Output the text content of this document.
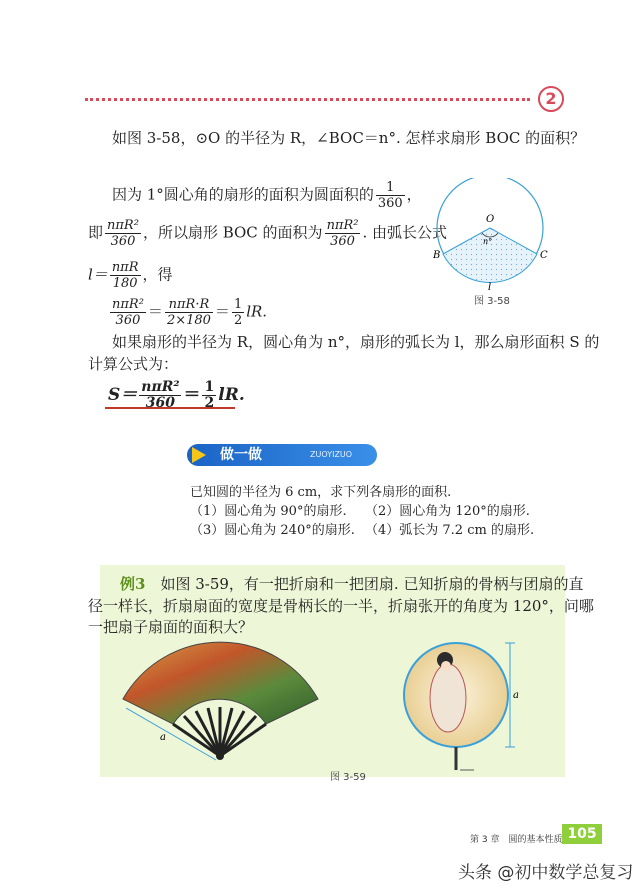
2
如图 3-58，⊙O 的半径为 R，∠BOC＝n°. 怎样求扇形 BOC 的面积？
因为 1°圆心角的扇形的面积为圆面积的 $\frac{1}{360}$ ，
即 $\frac{\text{nπR²}}{360}$ ，所以扇形 BOC 的面积为 $\frac{\text{nπR²}}{360}$ . 由弧长公式
$l= \frac{\text{nπR}}{180}$ ，得
$\frac{\text{nπR²}}{360} = \frac{\text{nπR·R}}{2\times 180} = \frac{1}{2}$ lR.
如果扇形的半径为 R，圆心角为 n°，扇形的弧长为 l，那么扇形面积 S 的
计算公式为：
$S= \frac{\text{nπR²}}{360} = \frac{1}{2}$ lR.
O
n°
B	C
l
图 3-58
做一做	ZUOYIZUO
已知圆的半径为 6 cm，求下列各扇形的面积.
（1）圆心角为 90°的扇形. （2）圆心角为 120°的扇形.
（3）圆心角为 240°的扇形. （4）弧长为 7.2 cm 的扇形.
例3  如图 3-59，有一把折扇和一把团扇. 已知折扇的骨柄与团扇的直
径一样长，折扇扇面的宽度是骨柄长的一半，折扇张开的角度为 120°，问哪
一把扇子扇面的面积大？
a
a
图 3-59
第 3 章　圆的基本性质 105
头条 @初中数学总复习
